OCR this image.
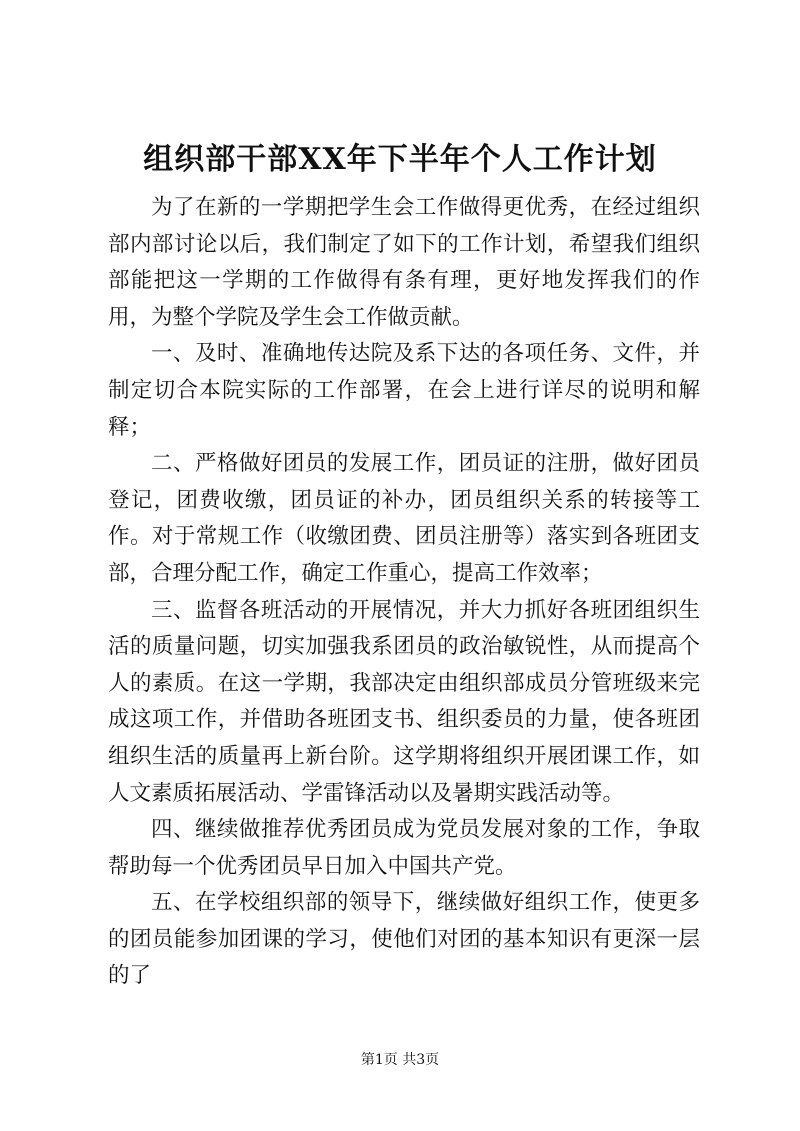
组织部干部XX年下半年个人工作计划

为了在新的一学期把学生会工作做得更优秀，在经过组织部内部讨论以后，我们制定了如下的工作计划，希望我们组织部能把这一学期的工作做得有条有理，更好地发挥我们的作用，为整个学院及学生会工作做贡献。

一、及时、准确地传达院及系下达的各项任务、文件，并制定切合本院实际的工作部署，在会上进行详尽的说明和解释；

二、严格做好团员的发展工作，团员证的注册，做好团员登记，团费收缴，团员证的补办，团员组织关系的转接等工作。对于常规工作（收缴团费、团员注册等）落实到各班团支部，合理分配工作，确定工作重心，提高工作效率；

三、监督各班活动的开展情况，并大力抓好各班团组织生活的质量问题，切实加强我系团员的政治敏锐性，从而提高个人的素质。在这一学期，我部决定由组织部成员分管班级来完成这项工作，并借助各班团支书、组织委员的力量，使各班团组织生活的质量再上新台阶。这学期将组织开展团课工作，如人文素质拓展活动、学雷锋活动以及暑期实践活动等。

四、继续做推荐优秀团员成为党员发展对象的工作，争取帮助每一个优秀团员早日加入中国共产党。

五、在学校组织部的领导下，继续做好组织工作，使更多的团员能参加团课的学习，使他们对团的基本知识有更深一层的了

第1页 共3页
